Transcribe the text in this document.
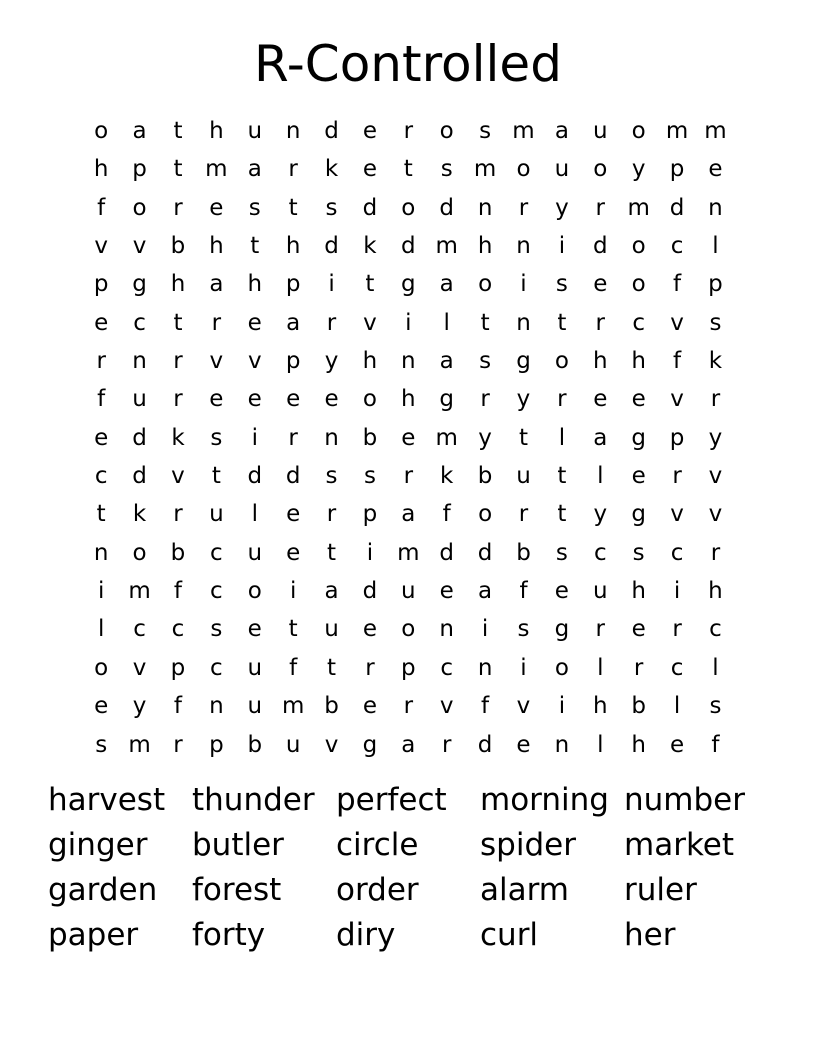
R-Controlled
o	a	t	h	u	n	d	e	r	o	s m a	u	o m m
h	p	t m a	r	k	e	t	s m o	u	o	y	p	e
f	o	r	e	s	t	s	d	o	d	n	r	y	r m d	n
v	v	b	h	t	h	d	k	d m h	n	i	d	o	c	l
p	g	h	a	h	p	i	t	g	a	o	i	s	e	o	f	p
e	c	t	r	e	a	r	v	i	l	t	n	t	r	c	v	s
r	n	r	v	v	p	y	h	n	a	s	g	o	h	h	f	k
f	u	r	e	e	e	e	o	h	g	r	y	r	e	e	v	r
e	d	k	s	i	r	n	b	e m y	t	l	a	g	p	y
c	d	v	t	d	d	s	s	r	k	b	u	t	l	e	r	v
t	k	r	u	l	e	r	p	a	f	o	r	t	y	g	v	v
n	o	b	c	u	e	t	i	m d	d	b	s	c	s	c	r
i	m	f	c	o	i	a	d	u	e	a	f	e	u	h	i	h
l	c	c	s	e	t	u	e	o	n	i	s	g	r	e	r	c
o	v	p	c	u	f	t	r	p	c	n	i	o	l	r	c	l
e	y	f	n	u m b	e	r	v	f	v	i	h	b	l	s
s m r	p	b	u	v	g	a	r	d	e	n	l	h	e	f
harvest thunder perfect	morning number
ginger	butler	circle	spider	market
garden	forest	order	alarm	ruler
paper	forty	diry	curl	her
